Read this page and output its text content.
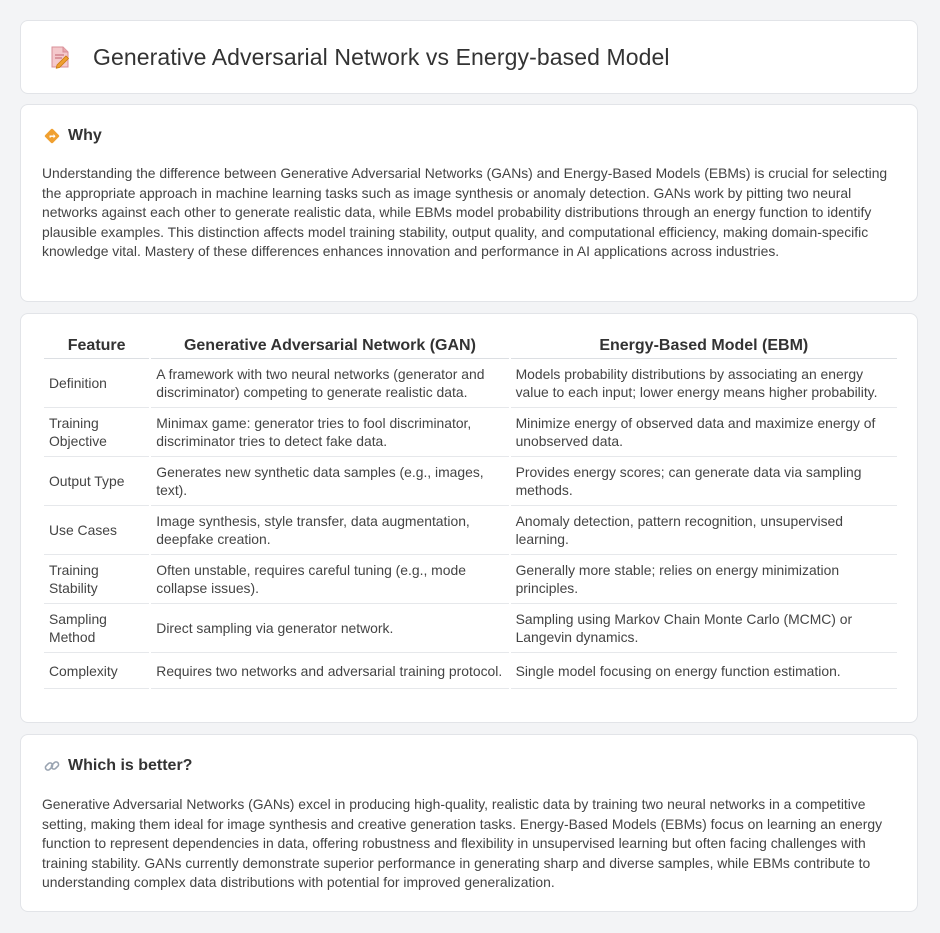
Generative Adversarial Network vs Energy-based Model
Why
Understanding the difference between Generative Adversarial Networks (GANs) and Energy-Based Models (EBMs) is crucial for selecting the appropriate approach in machine learning tasks such as image synthesis or anomaly detection. GANs work by pitting two neural networks against each other to generate realistic data, while EBMs model probability distributions through an energy function to identify plausible examples. This distinction affects model training stability, output quality, and computational efficiency, making domain-specific knowledge vital. Mastery of these differences enhances innovation and performance in AI applications across industries.
Feature	Generative Adversarial Network (GAN)	Energy-Based Model (EBM)
Definition	A framework with two neural networks (generator and discriminator) competing to generate realistic data.	Models probability distributions by associating an energy value to each input; lower energy means higher probability.
Training Objective	Minimax game: generator tries to fool discriminator, discriminator tries to detect fake data.	Minimize energy of observed data and maximize energy of unobserved data.
Output Type	Generates new synthetic data samples (e.g., images, text).	Provides energy scores; can generate data via sampling methods.
Use Cases	Image synthesis, style transfer, data augmentation, deepfake creation.	Anomaly detection, pattern recognition, unsupervised learning.
Training Stability	Often unstable, requires careful tuning (e.g., mode collapse issues).	Generally more stable; relies on energy minimization principles.
Sampling Method	Direct sampling via generator network.	Sampling using Markov Chain Monte Carlo (MCMC) or Langevin dynamics.
Complexity	Requires two networks and adversarial training protocol.	Single model focusing on energy function estimation.
Which is better?
Generative Adversarial Networks (GANs) excel in producing high-quality, realistic data by training two neural networks in a competitive setting, making them ideal for image synthesis and creative generation tasks. Energy-Based Models (EBMs) focus on learning an energy function to represent dependencies in data, offering robustness and flexibility in unsupervised learning but often facing challenges with training stability. GANs currently demonstrate superior performance in generating sharp and diverse samples, while EBMs contribute to understanding complex data distributions with potential for improved generalization.
